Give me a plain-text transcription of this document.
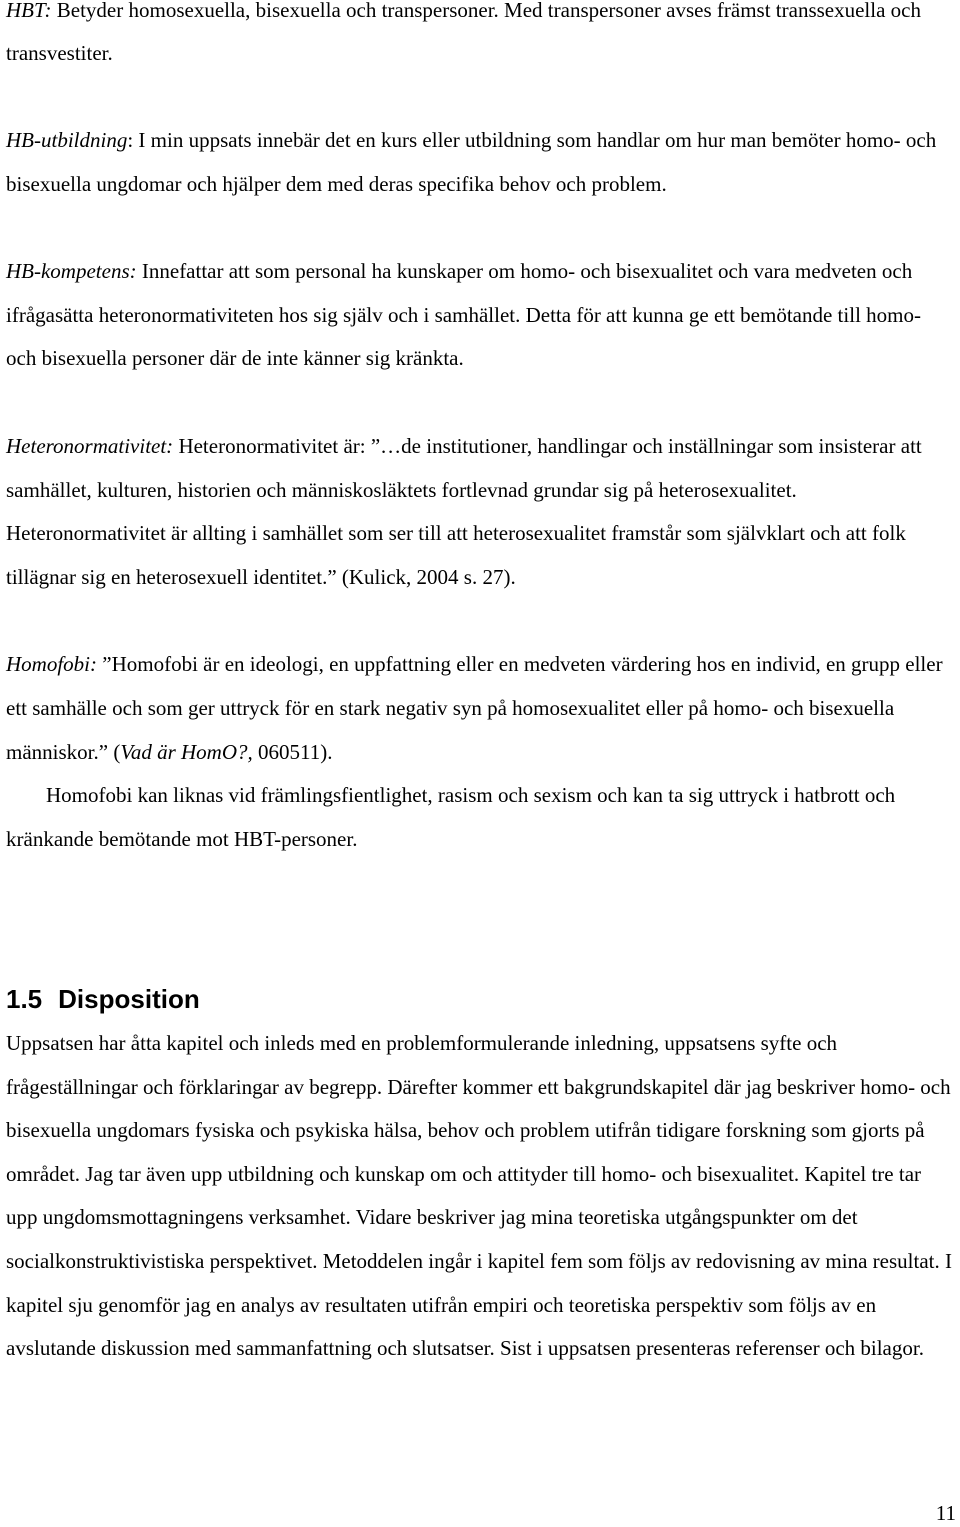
HBT: Betyder homosexuella, bisexuella och transpersoner. Med transpersoner avses främst transsexuella och transvestiter.

HB-utbildning: I min uppsats innebär det en kurs eller utbildning som handlar om hur man bemöter homo- och bisexuella ungdomar och hjälper dem med deras specifika behov och problem.

HB-kompetens: Innefattar att som personal ha kunskaper om homo- och bisexualitet och vara medveten och ifrågasätta heteronormativiteten hos sig själv och i samhället. Detta för att kunna ge ett bemötande till homo- och bisexuella personer där de inte känner sig kränkta.

Heteronormativitet: Heteronormativitet är: ”…de institutioner, handlingar och inställningar som insisterar att samhället, kulturen, historien och människosläktets fortlevnad grundar sig på heterosexualitet. Heteronormativitet är allting i samhället som ser till att heterosexualitet framstår som självklart och att folk tillägnar sig en heterosexuell identitet.” (Kulick, 2004 s. 27).

Homofobi: ”Homofobi är en ideologi, en uppfattning eller en medveten värdering hos en individ, en grupp eller ett samhälle och som ger uttryck för en stark negativ syn på homosexualitet eller på homo- och bisexuella människor.” (Vad är HomO?, 060511).

Homofobi kan liknas vid främlingsfientlighet, rasism och sexism och kan ta sig uttryck i hatbrott och kränkande bemötande mot HBT-personer.

1.5 Disposition

Uppsatsen har åtta kapitel och inleds med en problemformulerande inledning, uppsatsens syfte och frågeställningar och förklaringar av begrepp. Därefter kommer ett bakgrundskapitel där jag beskriver homo- och bisexuella ungdomars fysiska och psykiska hälsa, behov och problem utifrån tidigare forskning som gjorts på området. Jag tar även upp utbildning och kunskap om och attityder till homo- och bisexualitet. Kapitel tre tar upp ungdomsmottagningens verksamhet. Vidare beskriver jag mina teoretiska utgångspunkter om det socialkonstruktivistiska perspektivet. Metoddelen ingår i kapitel fem som följs av redovisning av mina resultat. I kapitel sju genomför jag en analys av resultaten utifrån empiri och teoretiska perspektiv som följs av en avslutande diskussion med sammanfattning och slutsatser. Sist i uppsatsen presenteras referenser och bilagor.

11
